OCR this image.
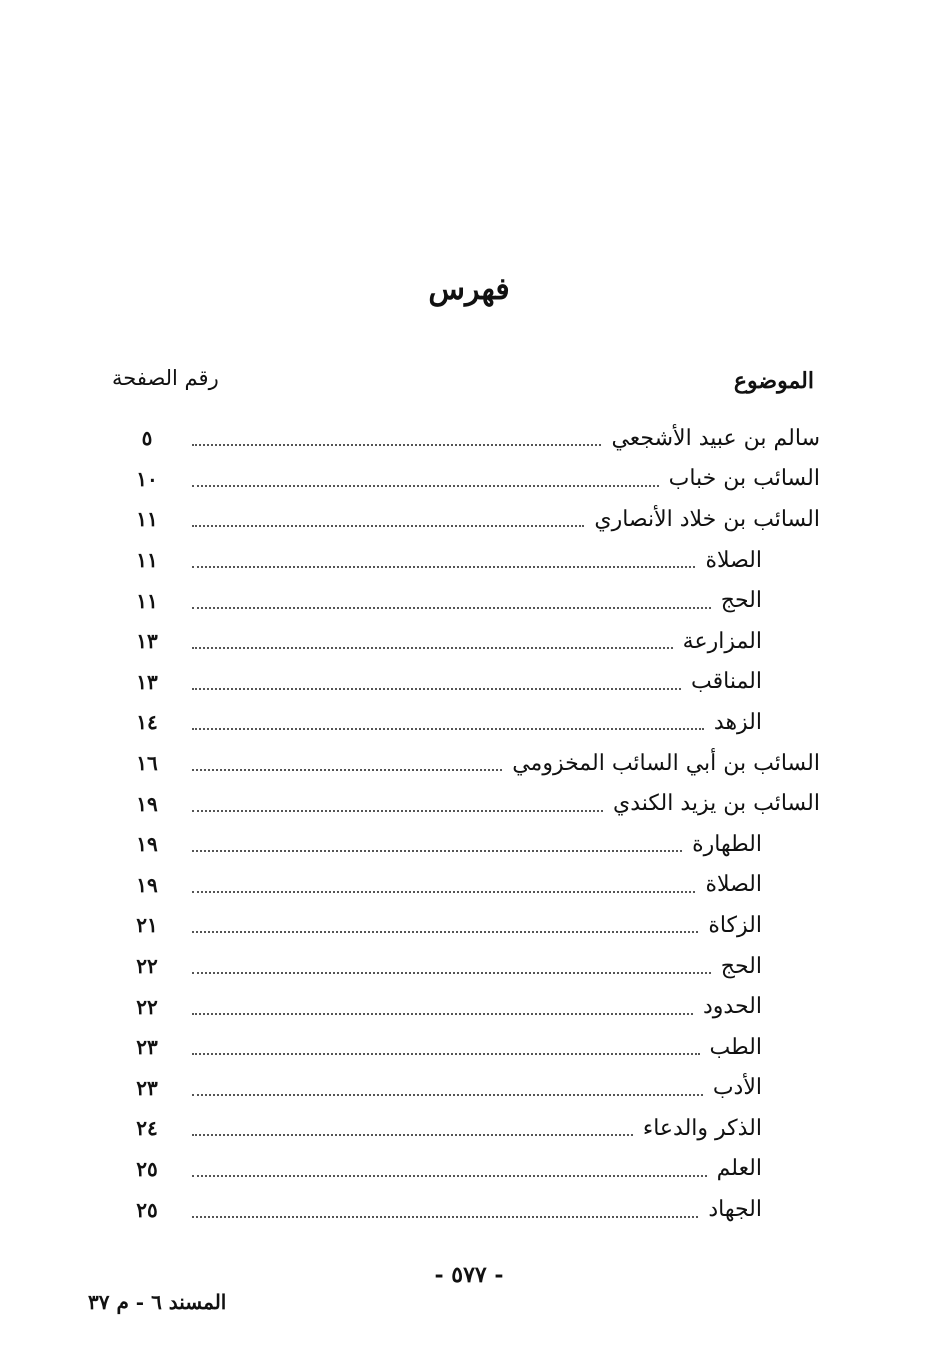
فهرس
الموضوع
رقم الصفحة
سالم بن عبيد الأشجعي
٥
السائب بن خباب
١٠
السائب بن خلاد الأنصاري
١١
الصلاة
١١
الحج
١١
المزارعة
١٣
المناقب
١٣
الزهد
١٤
السائب بن أبي السائب المخزومي
١٦
السائب بن يزيد الكندي
١٩
الطهارة
١٩
الصلاة
١٩
الزكاة
٢١
الحج
٢٢
الحدود
٢٢
الطب
٢٣
الأدب
٢٣
الذكر والدعاء
٢٤
العلم
٢٥
الجهاد
٢٥
- ٥٧٧ -
المسند ٦ - م ٣٧
